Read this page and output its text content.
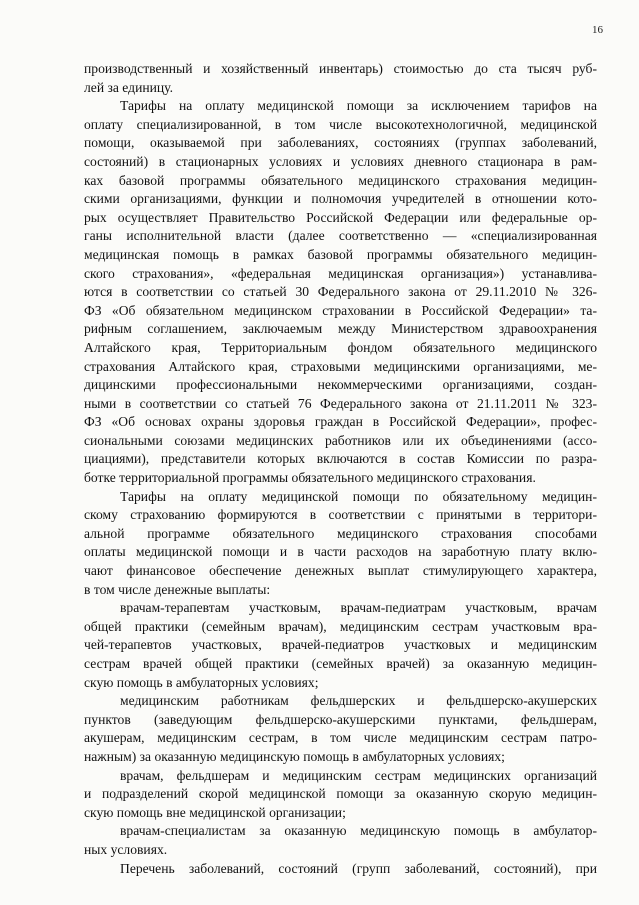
16
производственный и хозяйственный инвентарь) стоимостью до ста тысяч руб-
лей за единицу.
Тарифы на оплату медицинской помощи за исключением тарифов на
оплату специализированной, в том числе высокотехнологичной, медицинской
помощи, оказываемой при заболеваниях, состояниях (группах заболеваний,
состояний) в стационарных условиях и условиях дневного стационара в рам-
ках базовой программы обязательного медицинского страхования медицин-
скими организациями, функции и полномочия учредителей в отношении кото-
рых осуществляет Правительство Российской Федерации или федеральные ор-
ганы исполнительной власти (далее соответственно — «специализированная
медицинская помощь в рамках базовой программы обязательного медицин-
ского страхования», «федеральная медицинская организация») устанавлива-
ются в соответствии со статьей 30 Федерального закона от 29.11.2010 № 326-
ФЗ «Об обязательном медицинском страховании в Российской Федерации» та-
рифным соглашением, заключаемым между Министерством здравоохранения
Алтайского края, Территориальным фондом обязательного медицинского
страхования Алтайского края, страховыми медицинскими организациями, ме-
дицинскими профессиональными некоммерческими организациями, создан-
ными в соответствии со статьей 76 Федерального закона от 21.11.2011 № 323-
ФЗ «Об основах охраны здоровья граждан в Российской Федерации», профес-
сиональными союзами медицинских работников или их объединениями (ассо-
циациями), представители которых включаются в состав Комиссии по разра-
ботке территориальной программы обязательного медицинского страхования.
Тарифы на оплату медицинской помощи по обязательному медицин-
скому страхованию формируются в соответствии с принятыми в территори-
альной программе обязательного медицинского страхования способами
оплаты медицинской помощи и в части расходов на заработную плату вклю-
чают финансовое обеспечение денежных выплат стимулирующего характера,
в том числе денежные выплаты:
врачам-терапевтам участковым, врачам-педиатрам участковым, врачам
общей практики (семейным врачам), медицинским сестрам участковым вра-
чей-терапевтов участковых, врачей-педиатров участковых и медицинским
сестрам врачей общей практики (семейных врачей) за оказанную медицин-
скую помощь в амбулаторных условиях;
медицинским работникам фельдшерских и фельдшерско-акушерских
пунктов (заведующим фельдшерско-акушерскими пунктами, фельдшерам,
акушерам, медицинским сестрам, в том числе медицинским сестрам патро-
нажным) за оказанную медицинскую помощь в амбулаторных условиях;
врачам, фельдшерам и медицинским сестрам медицинских организаций
и подразделений скорой медицинской помощи за оказанную скорую медицин-
скую помощь вне медицинской организации;
врачам-специалистам за оказанную медицинскую помощь в амбулатор-
ных условиях.
Перечень заболеваний, состояний (групп заболеваний, состояний), при
